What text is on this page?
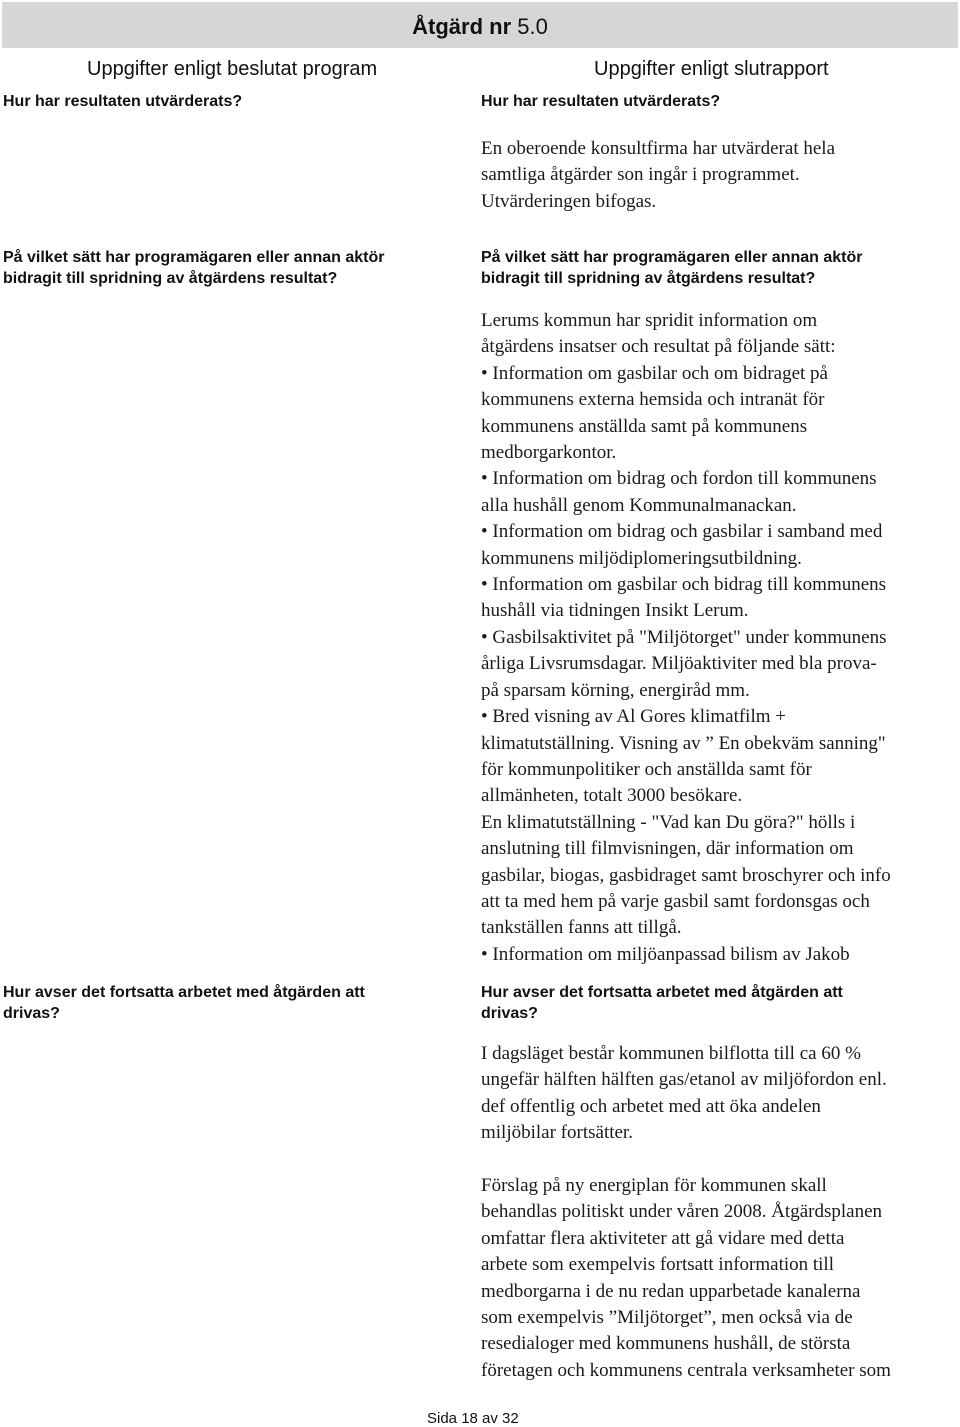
Åtgärd nr 5.0
Uppgifter enligt beslutat program
Hur har resultaten utvärderats?
På vilket sätt har programägaren eller annan aktör
bidragit till spridning av åtgärdens resultat?
Hur avser det fortsatta arbetet med åtgärden att
drivas?
Uppgifter enligt slutrapport
Hur har resultaten utvärderats?

En oberoende konsultfirma har utvärderat hela

samtliga åtgärder son ingår i programmet.

Utvärderingen bifogas.

På vilket sätt har programägaren eller annan aktör
bidragit till spridning av åtgärdens resultat?

Lerums kommun har spridit information om

åtgärdens insatser och resultat på följande sätt:

• Information om gasbilar och om bidraget på

kommunens externa hemsida och intranät för

kommunens anställda samt på kommunens

medborgarkontor.

• Information om bidrag och fordon till kommunens

alla hushåll genom Kommunalmanackan.

• Information om bidrag och gasbilar i samband med

kommunens miljödiplomeringsutbildning.

• Information om gasbilar och bidrag till kommunens

hushåll via tidningen Insikt Lerum.

• Gasbilsaktivitet på "Miljötorget" under kommunens

årliga Livsrumsdagar. Miljöaktiviter med bla prova-

på sparsam körning, energiråd mm.

• Bred visning av Al Gores klimatfilm +

klimatutställning. Visning av ” En obekväm sanning"

för kommunpolitiker och anställda samt för

allmänheten, totalt 3000 besökare.

En klimatutställning - "Vad kan Du göra?" hölls i

anslutning till filmvisningen, där information om

gasbilar, biogas, gasbidraget samt broschyrer och info

att ta med hem på varje gasbil samt fordonsgas och

tankställen fanns att tillgå.

• Information om miljöanpassad bilism av Jakob

Hur avser det fortsatta arbetet med åtgärden att
drivas?

I dagsläget består kommunen bilflotta till ca 60 %

ungefär hälften hälften gas/etanol av miljöfordon enl.

def offentlig och arbetet med att öka andelen

miljöbilar fortsätter.

Förslag på ny energiplan för kommunen skall

behandlas politiskt under våren 2008. Åtgärdsplanen

omfattar flera aktiviteter att gå vidare med detta

arbete som exempelvis fortsatt information till

medborgarna i de nu redan upparbetade kanalerna

som exempelvis ”Miljötorget”, men också via de

resedialoger med kommunens hushåll, de största

företagen och kommunens centrala verksamheter som

Sida 18 av 32
